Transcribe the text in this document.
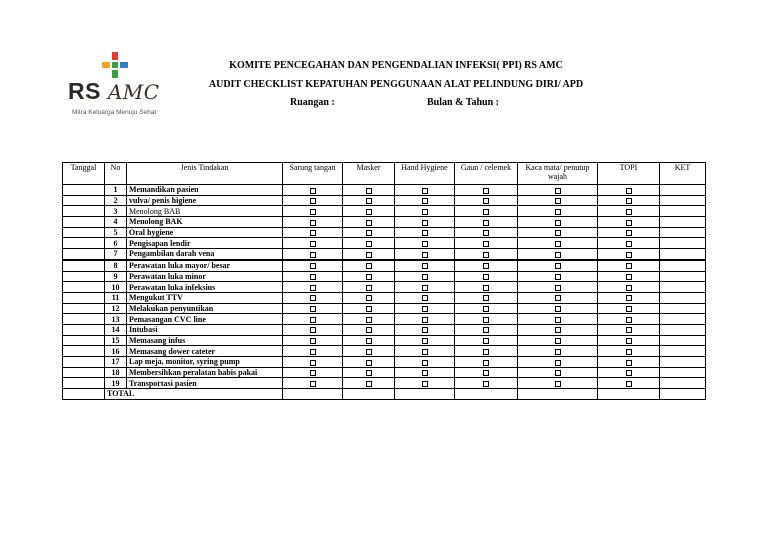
RS AMC
Mitra Keluarga Menuju Sehat
KOMITE PENCEGAHAN DAN PENGENDALIAN INFEKSI( PPI) RS AMC
AUDIT CHECKLIST KEPATUHAN PENGGUNAAN ALAT PELINDUNG DIRI/ APD
Ruangan :	Bulan & Tahun :
Tanggal	No	Jenis Tindakan	Sarung tangan	Masker	Hand Hygiene	Gaun / celemek	Kaca mata/ penutup wajah	TOPI	KET
	1	Memandikan pasien							
	2	vulva/ penis higiene							
	3	Menolong BAB							
	4	Menolong BAK							
	5	Oral hygiene							
	6	Pengisapan lendir							
	7	Pengambilan darah vena							
	8	Perawatan luka mayor/ besar							
	9	Perawatan luka minor							
	10	Perawatan luka infeksius							
	11	Mengukut TTV							
	12	Melakukan penyuntikan							
	13	Pemasangan CVC line							
	14	Intubasi							
	15	Memasang infus							
	16	Memasang dower cateter							
	17	Lap meja, monitor, syring pump							
	18	Membersihkan peralatan habis pakai							
	19	Transportasi pasien							
	TOTAL								
